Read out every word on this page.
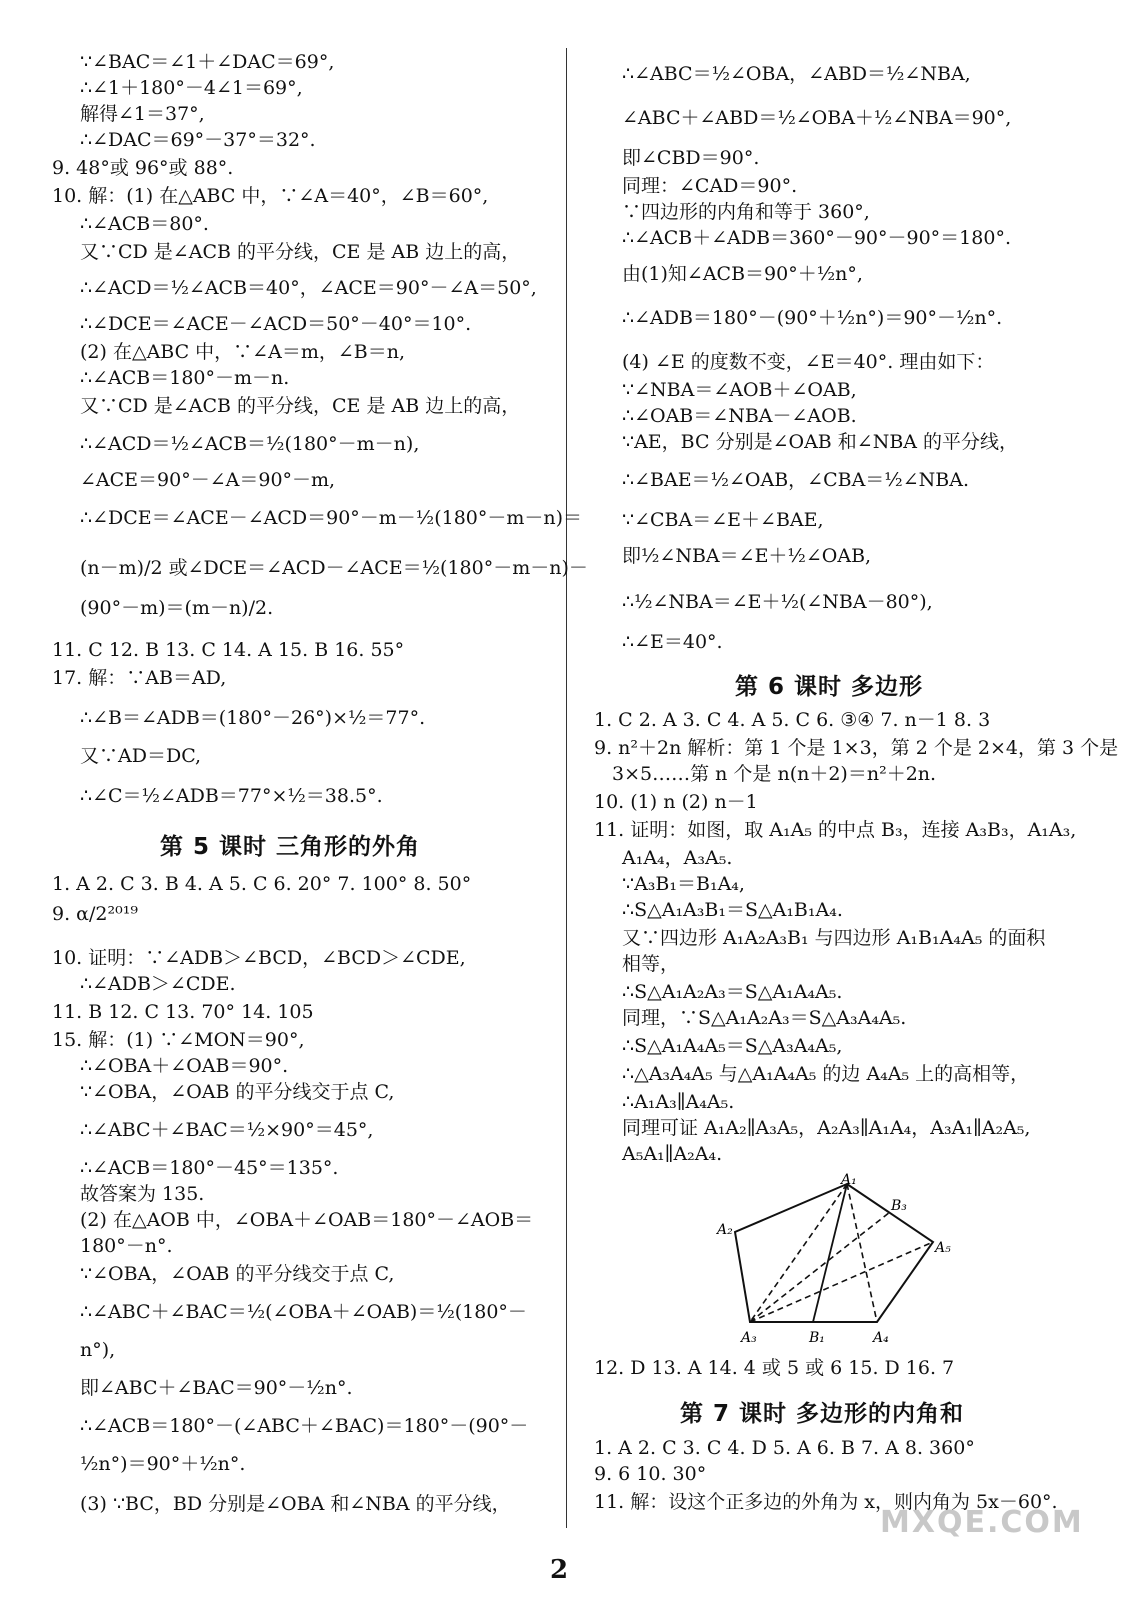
∵∠BAC＝∠1＋∠DAC＝69°,
∴∠1＋180°－4∠1＝69°,
解得∠1＝37°,
∴∠DAC＝69°－37°＝32°.
9. 48°或 96°或 88°.
10. 解：(1) 在△ABC 中，∵∠A＝40°，∠B＝60°,
∴∠ACB＝80°.
又∵CD 是∠ACB 的平分线，CE 是 AB 边上的高，
∴∠ACD＝½∠ACB＝40°，∠ACE＝90°－∠A＝50°,
∴∠DCE＝∠ACE－∠ACD＝50°－40°＝10°.
(2) 在△ABC 中，∵∠A＝m，∠B＝n,
∴∠ACB＝180°－m－n.
又∵CD 是∠ACB 的平分线，CE 是 AB 边上的高，
∴∠ACD＝½∠ACB＝½(180°－m－n),
∠ACE＝90°－∠A＝90°－m,
∴∠DCE＝∠ACE－∠ACD＝90°－m－½(180°－m－n)＝
(n－m)/2 或∠DCE＝∠ACD－∠ACE＝½(180°－m－n)－
(90°－m)＝(m－n)/2.
11. C 12. B 13. C 14. A 15. B 16. 55°
17. 解：∵AB＝AD,
∴∠B＝∠ADB＝(180°－26°)×½＝77°.
又∵AD＝DC,
∴∠C＝½∠ADB＝77°×½＝38.5°.
1. A 2. C 3. B 4. A 5. C 6. 20° 7. 100° 8. 50°
9. α/2²⁰¹⁹
10. 证明：∵∠ADB＞∠BCD，∠BCD＞∠CDE,
∴∠ADB＞∠CDE.
11. B 12. C 13. 70° 14. 105
15. 解：(1) ∵∠MON＝90°,
∴∠OBA＋∠OAB＝90°.
∵∠OBA，∠OAB 的平分线交于点 C,
∴∠ABC＋∠BAC＝½×90°＝45°,
∴∠ACB＝180°－45°＝135°.
故答案为 135.
(2) 在△AOB 中，∠OBA＋∠OAB＝180°－∠AOB＝
180°－n°.
∵∠OBA，∠OAB 的平分线交于点 C,
∴∠ABC＋∠BAC＝½(∠OBA＋∠OAB)＝½(180°－
n°),
即∠ABC＋∠BAC＝90°－½n°.
∴∠ACB＝180°－(∠ABC＋∠BAC)＝180°－(90°－
½n°)＝90°＋½n°.
(3) ∵BC，BD 分别是∠OBA 和∠NBA 的平分线，
∴∠ABC＝½∠OBA，∠ABD＝½∠NBA,
∠ABC＋∠ABD＝½∠OBA＋½∠NBA＝90°,
即∠CBD＝90°.
同理：∠CAD＝90°.
∵四边形的内角和等于 360°,
∴∠ACB＋∠ADB＝360°－90°－90°＝180°.
由(1)知∠ACB＝90°＋½n°,
∴∠ADB＝180°－(90°＋½n°)＝90°－½n°.
(4) ∠E 的度数不变，∠E＝40°. 理由如下：
∵∠NBA＝∠AOB＋∠OAB,
∴∠OAB＝∠NBA－∠AOB.
∵AE，BC 分别是∠OAB 和∠NBA 的平分线，
∴∠BAE＝½∠OAB，∠CBA＝½∠NBA.
∵∠CBA＝∠E＋∠BAE,
即½∠NBA＝∠E＋½∠OAB,
∴½∠NBA＝∠E＋½(∠NBA－80°),
∴∠E＝40°.
1. C 2. A 3. C 4. A 5. C 6. ③④ 7. n－1 8. 3
9. n²＋2n 解析：第 1 个是 1×3，第 2 个是 2×4，第 3 个是
3×5……第 n 个是 n(n＋2)＝n²＋2n.
10. (1) n (2) n－1
11. 证明：如图，取 A₁A₅ 的中点 B₃，连接 A₃B₃，A₁A₃,
A₁A₄，A₃A₅.
∵A₃B₁＝B₁A₄,
∴S△A₁A₃B₁＝S△A₁B₁A₄.
又∵四边形 A₁A₂A₃B₁ 与四边形 A₁B₁A₄A₅ 的面积
相等，
∴S△A₁A₂A₃＝S△A₁A₄A₅.
同理，∵S△A₁A₂A₃＝S△A₃A₄A₅.
∴S△A₁A₄A₅＝S△A₃A₄A₅,
∴△A₃A₄A₅ 与△A₁A₄A₅ 的边 A₄A₅ 上的高相等，
∴A₁A₃∥A₄A₅.
同理可证 A₁A₂∥A₃A₅，A₂A₃∥A₁A₄，A₃A₁∥A₂A₅,
A₅A₁∥A₂A₄.
12. D 13. A 14. 4 或 5 或 6 15. D 16. 7
1. A 2. C 3. C 4. D 5. A 6. B 7. A 8. 360°
9. 6 10. 30°
11. 解：设这个正多边的外角为 x，则内角为 5x－60°.
第 5 课时 三角形的外角
第 6 课时 多边形
第 7 课时 多边形的内角和
A₁
A₂
A₃	B₁	A₄
A₅
B₃
2
MXQE.COM
